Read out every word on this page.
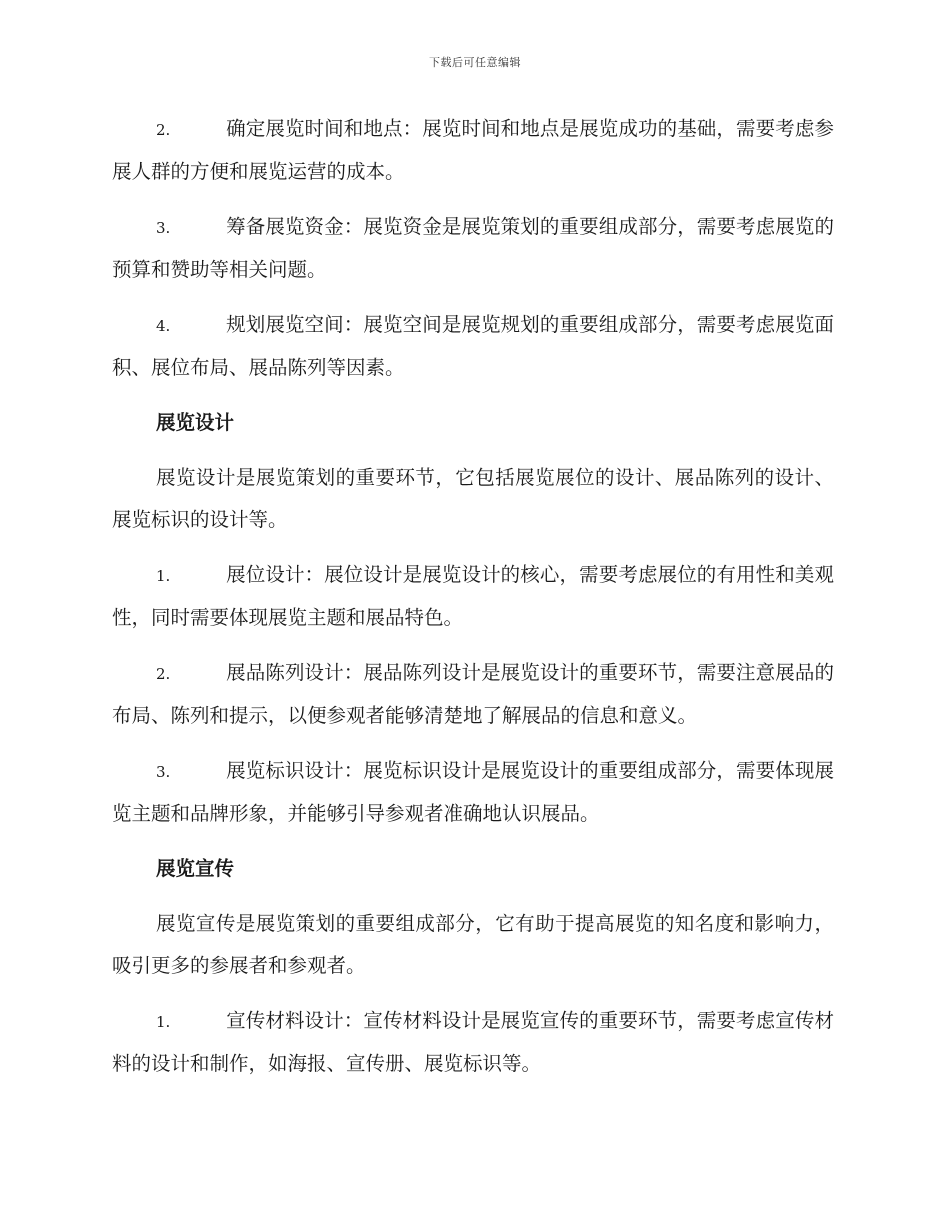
下载后可任意编辑

2.	确定展览时间和地点：展览时间和地点是展览成功的基础，需要考虑参展人群的方便和展览运营的成本。

3.	筹备展览资金：展览资金是展览策划的重要组成部分，需要考虑展览的预算和赞助等相关问题。

4.	规划展览空间：展览空间是展览规划的重要组成部分，需要考虑展览面积、展位布局、展品陈列等因素。

展览设计

展览设计是展览策划的重要环节，它包括展览展位的设计、展品陈列的设计、展览标识的设计等。

1.	展位设计：展位设计是展览设计的核心，需要考虑展位的有用性和美观性，同时需要体现展览主题和展品特色。

2.	展品陈列设计：展品陈列设计是展览设计的重要环节，需要注意展品的布局、陈列和提示，以便参观者能够清楚地了解展品的信息和意义。

3.	展览标识设计：展览标识设计是展览设计的重要组成部分，需要体现展览主题和品牌形象，并能够引导参观者准确地认识展品。

展览宣传

展览宣传是展览策划的重要组成部分，它有助于提高展览的知名度和影响力，吸引更多的参展者和参观者。

1.	宣传材料设计：宣传材料设计是展览宣传的重要环节，需要考虑宣传材料的设计和制作，如海报、宣传册、展览标识等。
